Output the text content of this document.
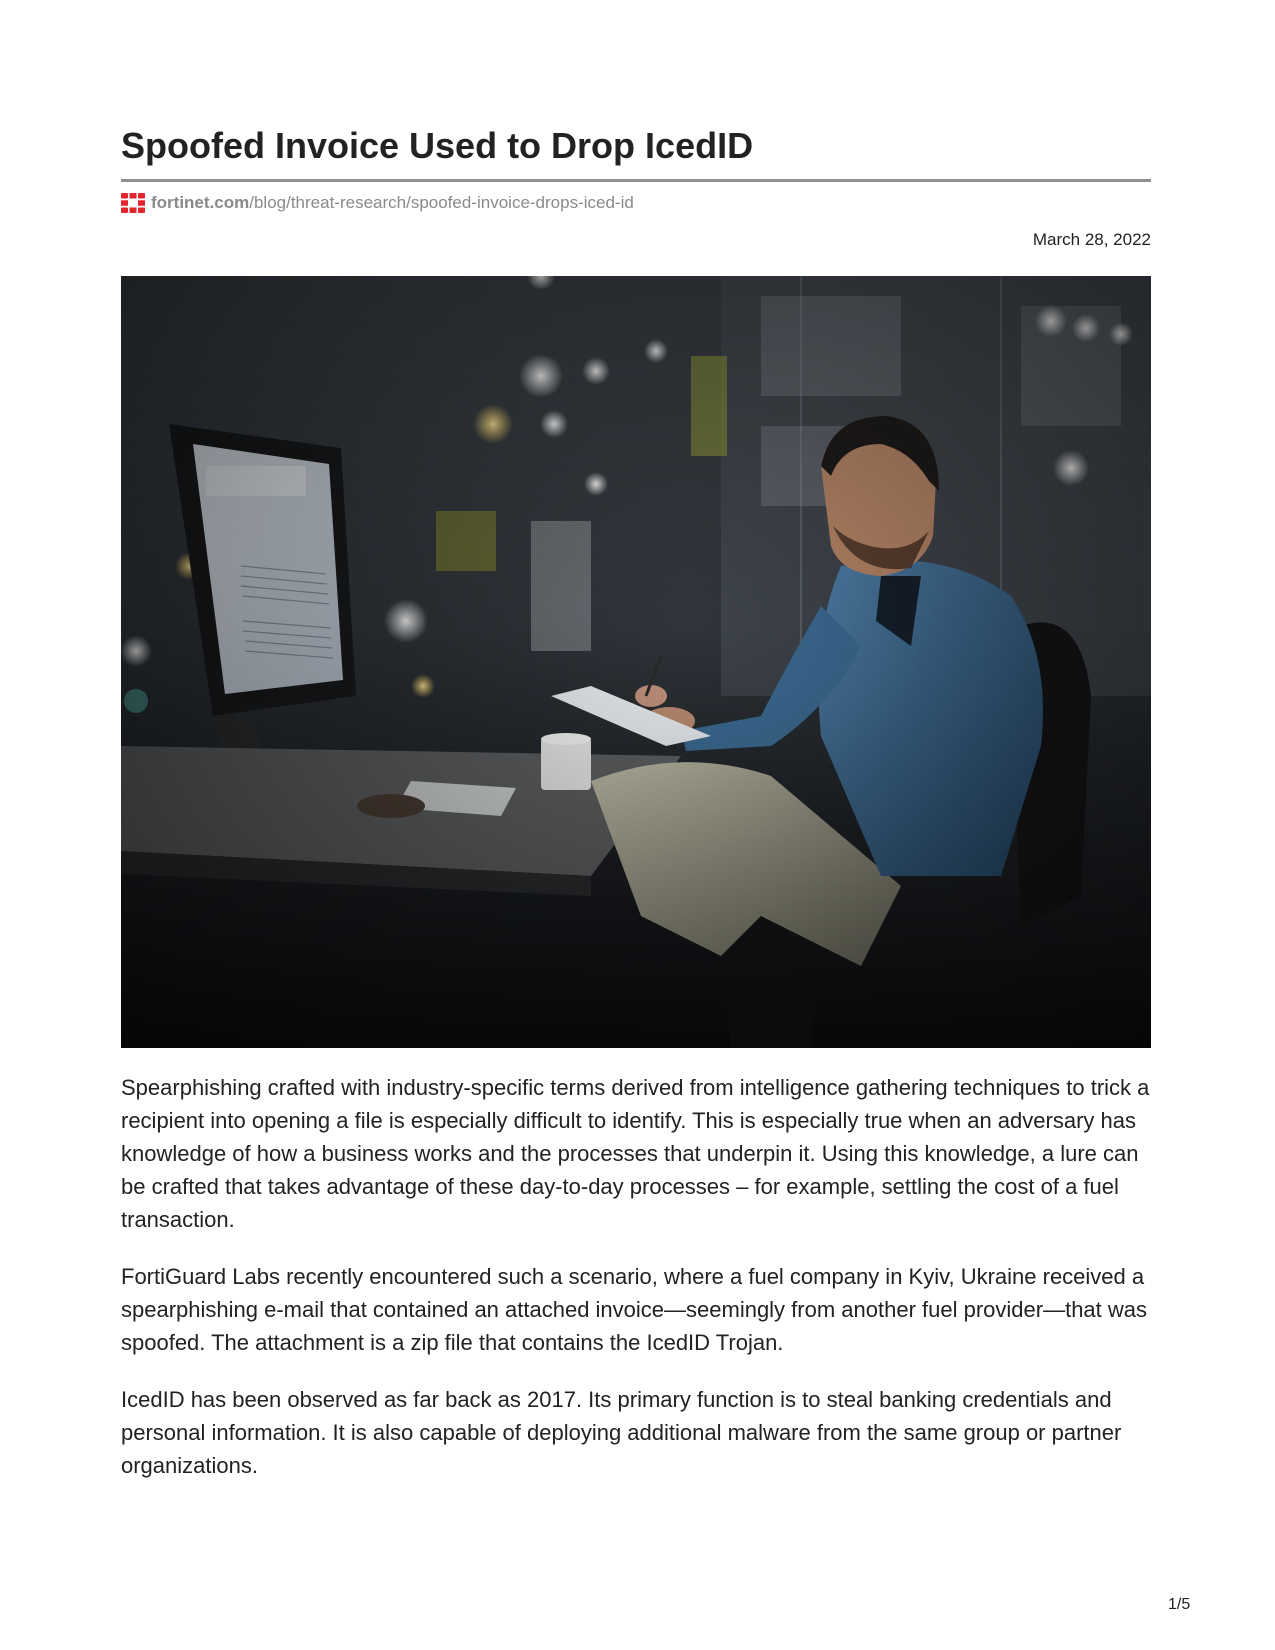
Spoofed Invoice Used to Drop IcedID
fortinet.com /blog/threat-research/spoofed-invoice-drops-iced-id
March 28, 2022

Spearphishing crafted with industry-specific terms derived from intelligence gathering techniques to trick a recipient into opening a file is especially difficult to identify. This is especially true when an adversary has knowledge of how a business works and the processes that underpin it. Using this knowledge, a lure can be crafted that takes advantage of these day-to-day processes – for example, settling the cost of a fuel transaction.

FortiGuard Labs recently encountered such a scenario, where a fuel company in Kyiv, Ukraine received a spearphishing e-mail that contained an attached invoice—seemingly from another fuel provider—that was spoofed. The attachment is a zip file that contains the IcedID Trojan.

IcedID has been observed as far back as 2017. Its primary function is to steal banking credentials and personal information. It is also capable of deploying additional malware from the same group or partner organizations.

1/5
